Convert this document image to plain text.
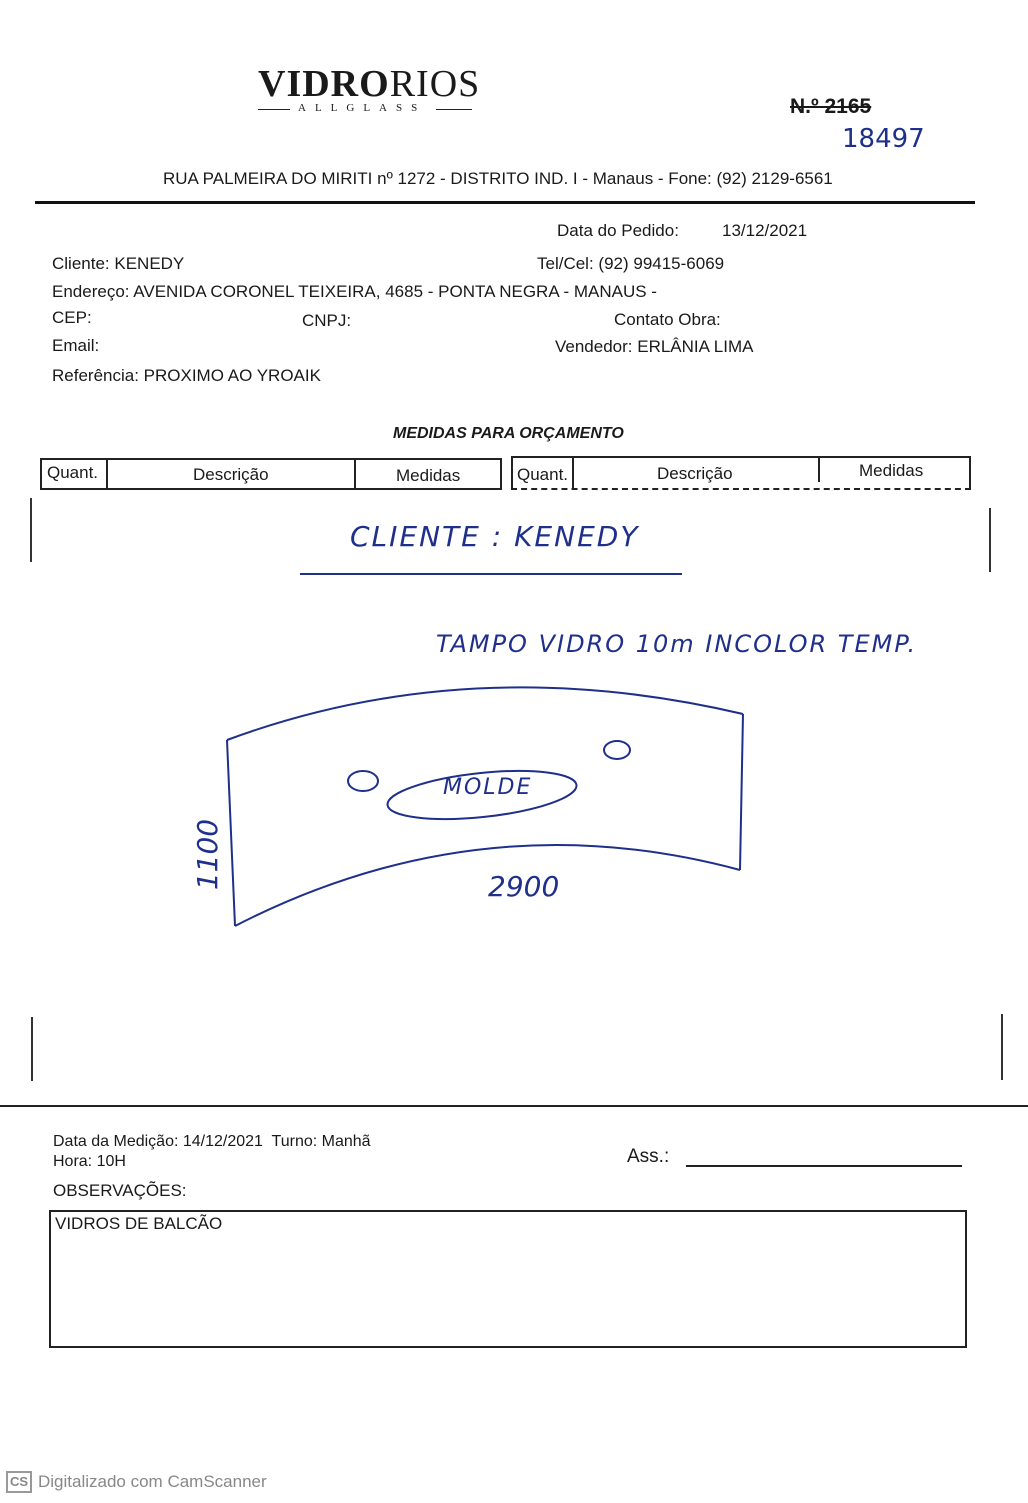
VIDRORIOS
ALLGLASS	N.º 2165
18497
RUA PALMEIRA DO MIRITI nº 1272 - DISTRITO IND. I - Manaus - Fone: (92) 2129-6561
Data do Pedido:	13/12/2021
Cliente: KENEDY	Tel/Cel: (92) 99415-6069
Endereço: AVENIDA CORONEL TEIXEIRA, 4685 - PONTA NEGRA - MANAUS -
CEP:	CNPJ:	Contato Obra:
Email:	Vendedor: ERLÂNIA LIMA
Referência: PROXIMO AO YROAIK
MEDIDAS PARA ORÇAMENTO
Quant.	Descrição	Medidas	Quant.	Descrição	Medidas
CLIENTE : KENEDY
TAMPO VIDRO 10m INCOLOR TEMP.
MOLDE
1100	2900
Data da Medição: 14/12/2021  Turno: Manhã
Hora: 10H	Ass.:
OBSERVAÇÕES:
VIDROS DE BALCÃO
CS Digitalizado com CamScanner
